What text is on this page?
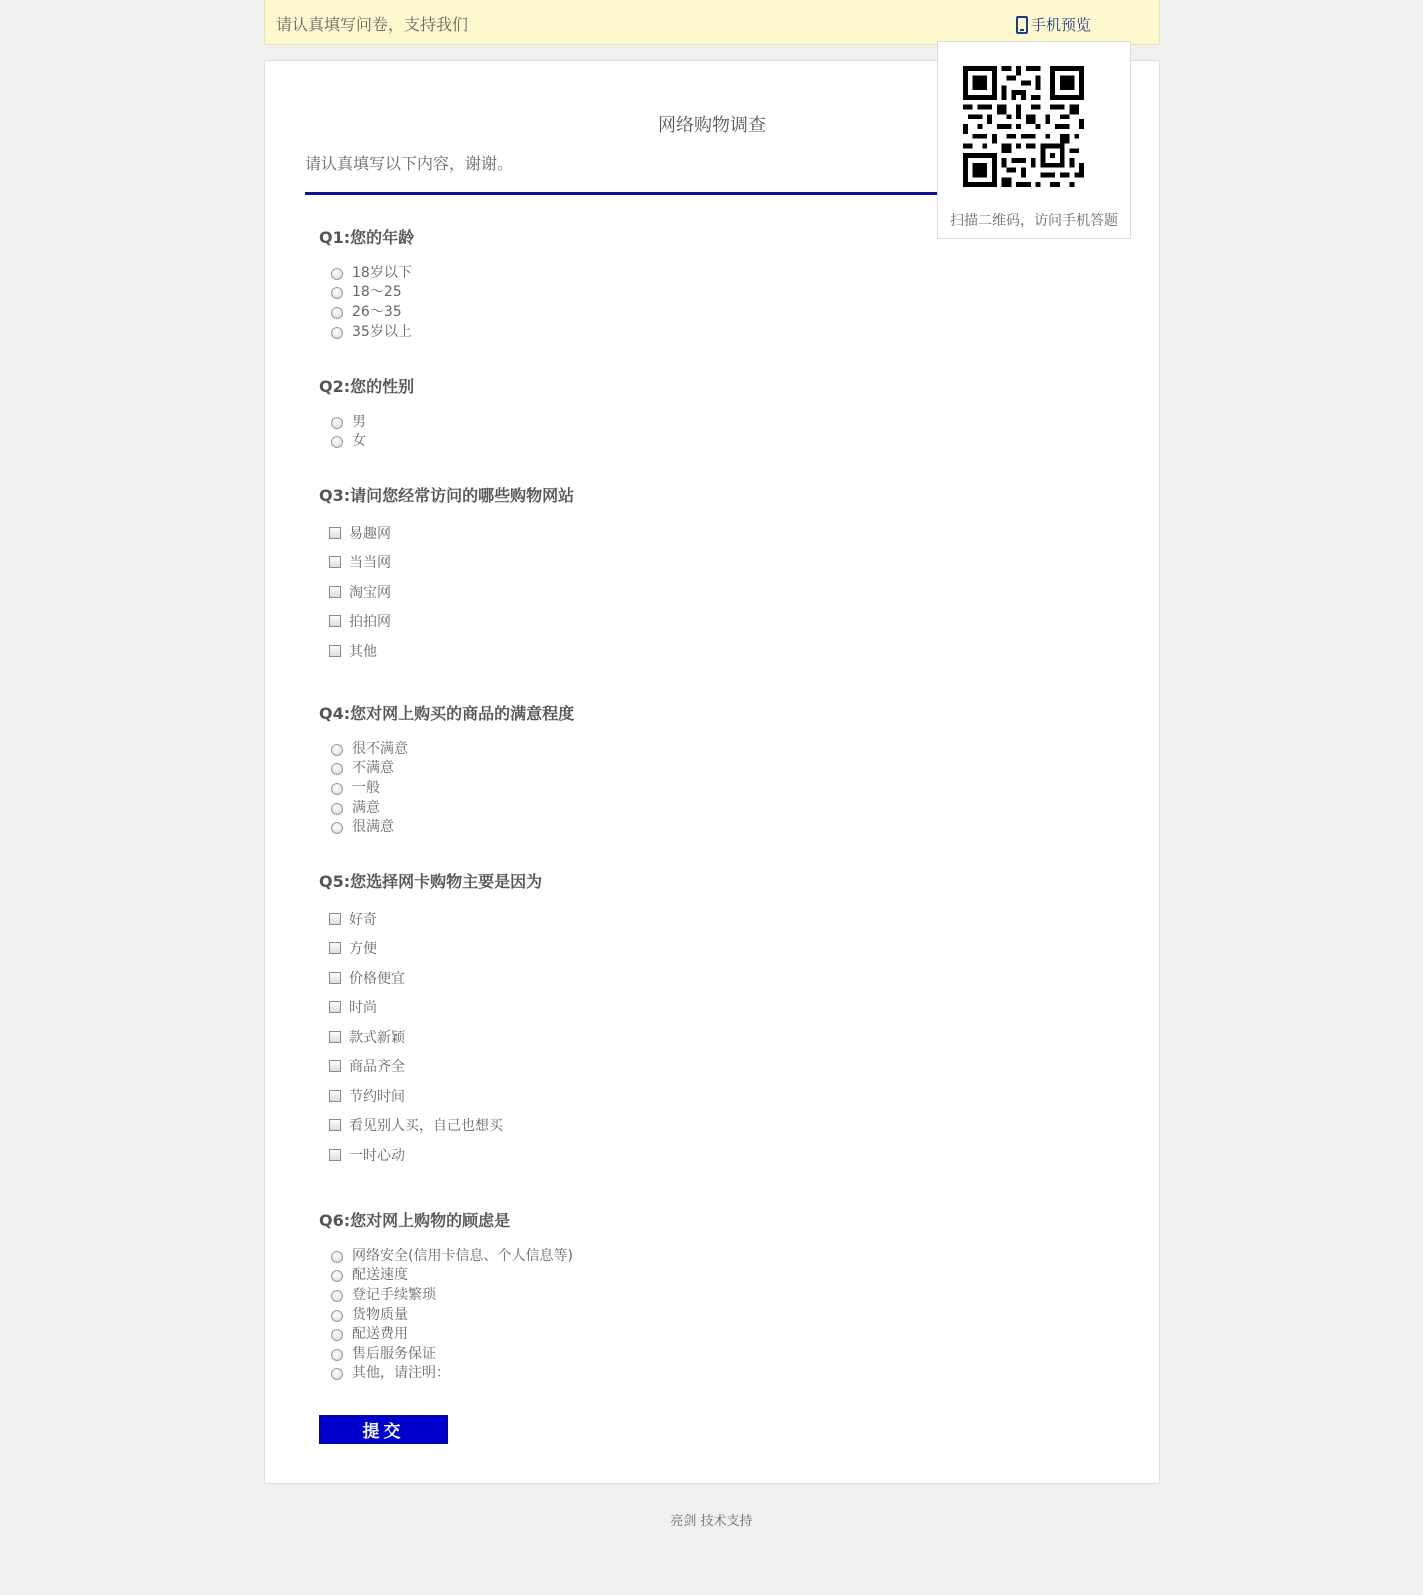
请认真填写问卷，支持我们	手机预览
网络购物调查
请认真填写以下内容，谢谢。

Q1:您的年龄

18岁以下
18～25
26～35
35岁以上

Q2:您的性别

男
女

Q3:请问您经常访问的哪些购物网站

易趣网
当当网
淘宝网
拍拍网
其他

Q4:您对网上购买的商品的满意程度

很不满意
不满意
一般
满意
很满意

Q5:您选择网卡购物主要是因为

好奇
方便
价格便宜
时尚
款式新颖
商品齐全
节约时间
看见别人买，自己也想买
一时心动

Q6:您对网上购物的顾虑是

网络安全(信用卡信息、个人信息等)
配送速度
登记手续繁琐
货物质量
配送费用
售后服务保证
其他，请注明：
提交
扫描二维码，访问手机答题
亮剑 技术支持
